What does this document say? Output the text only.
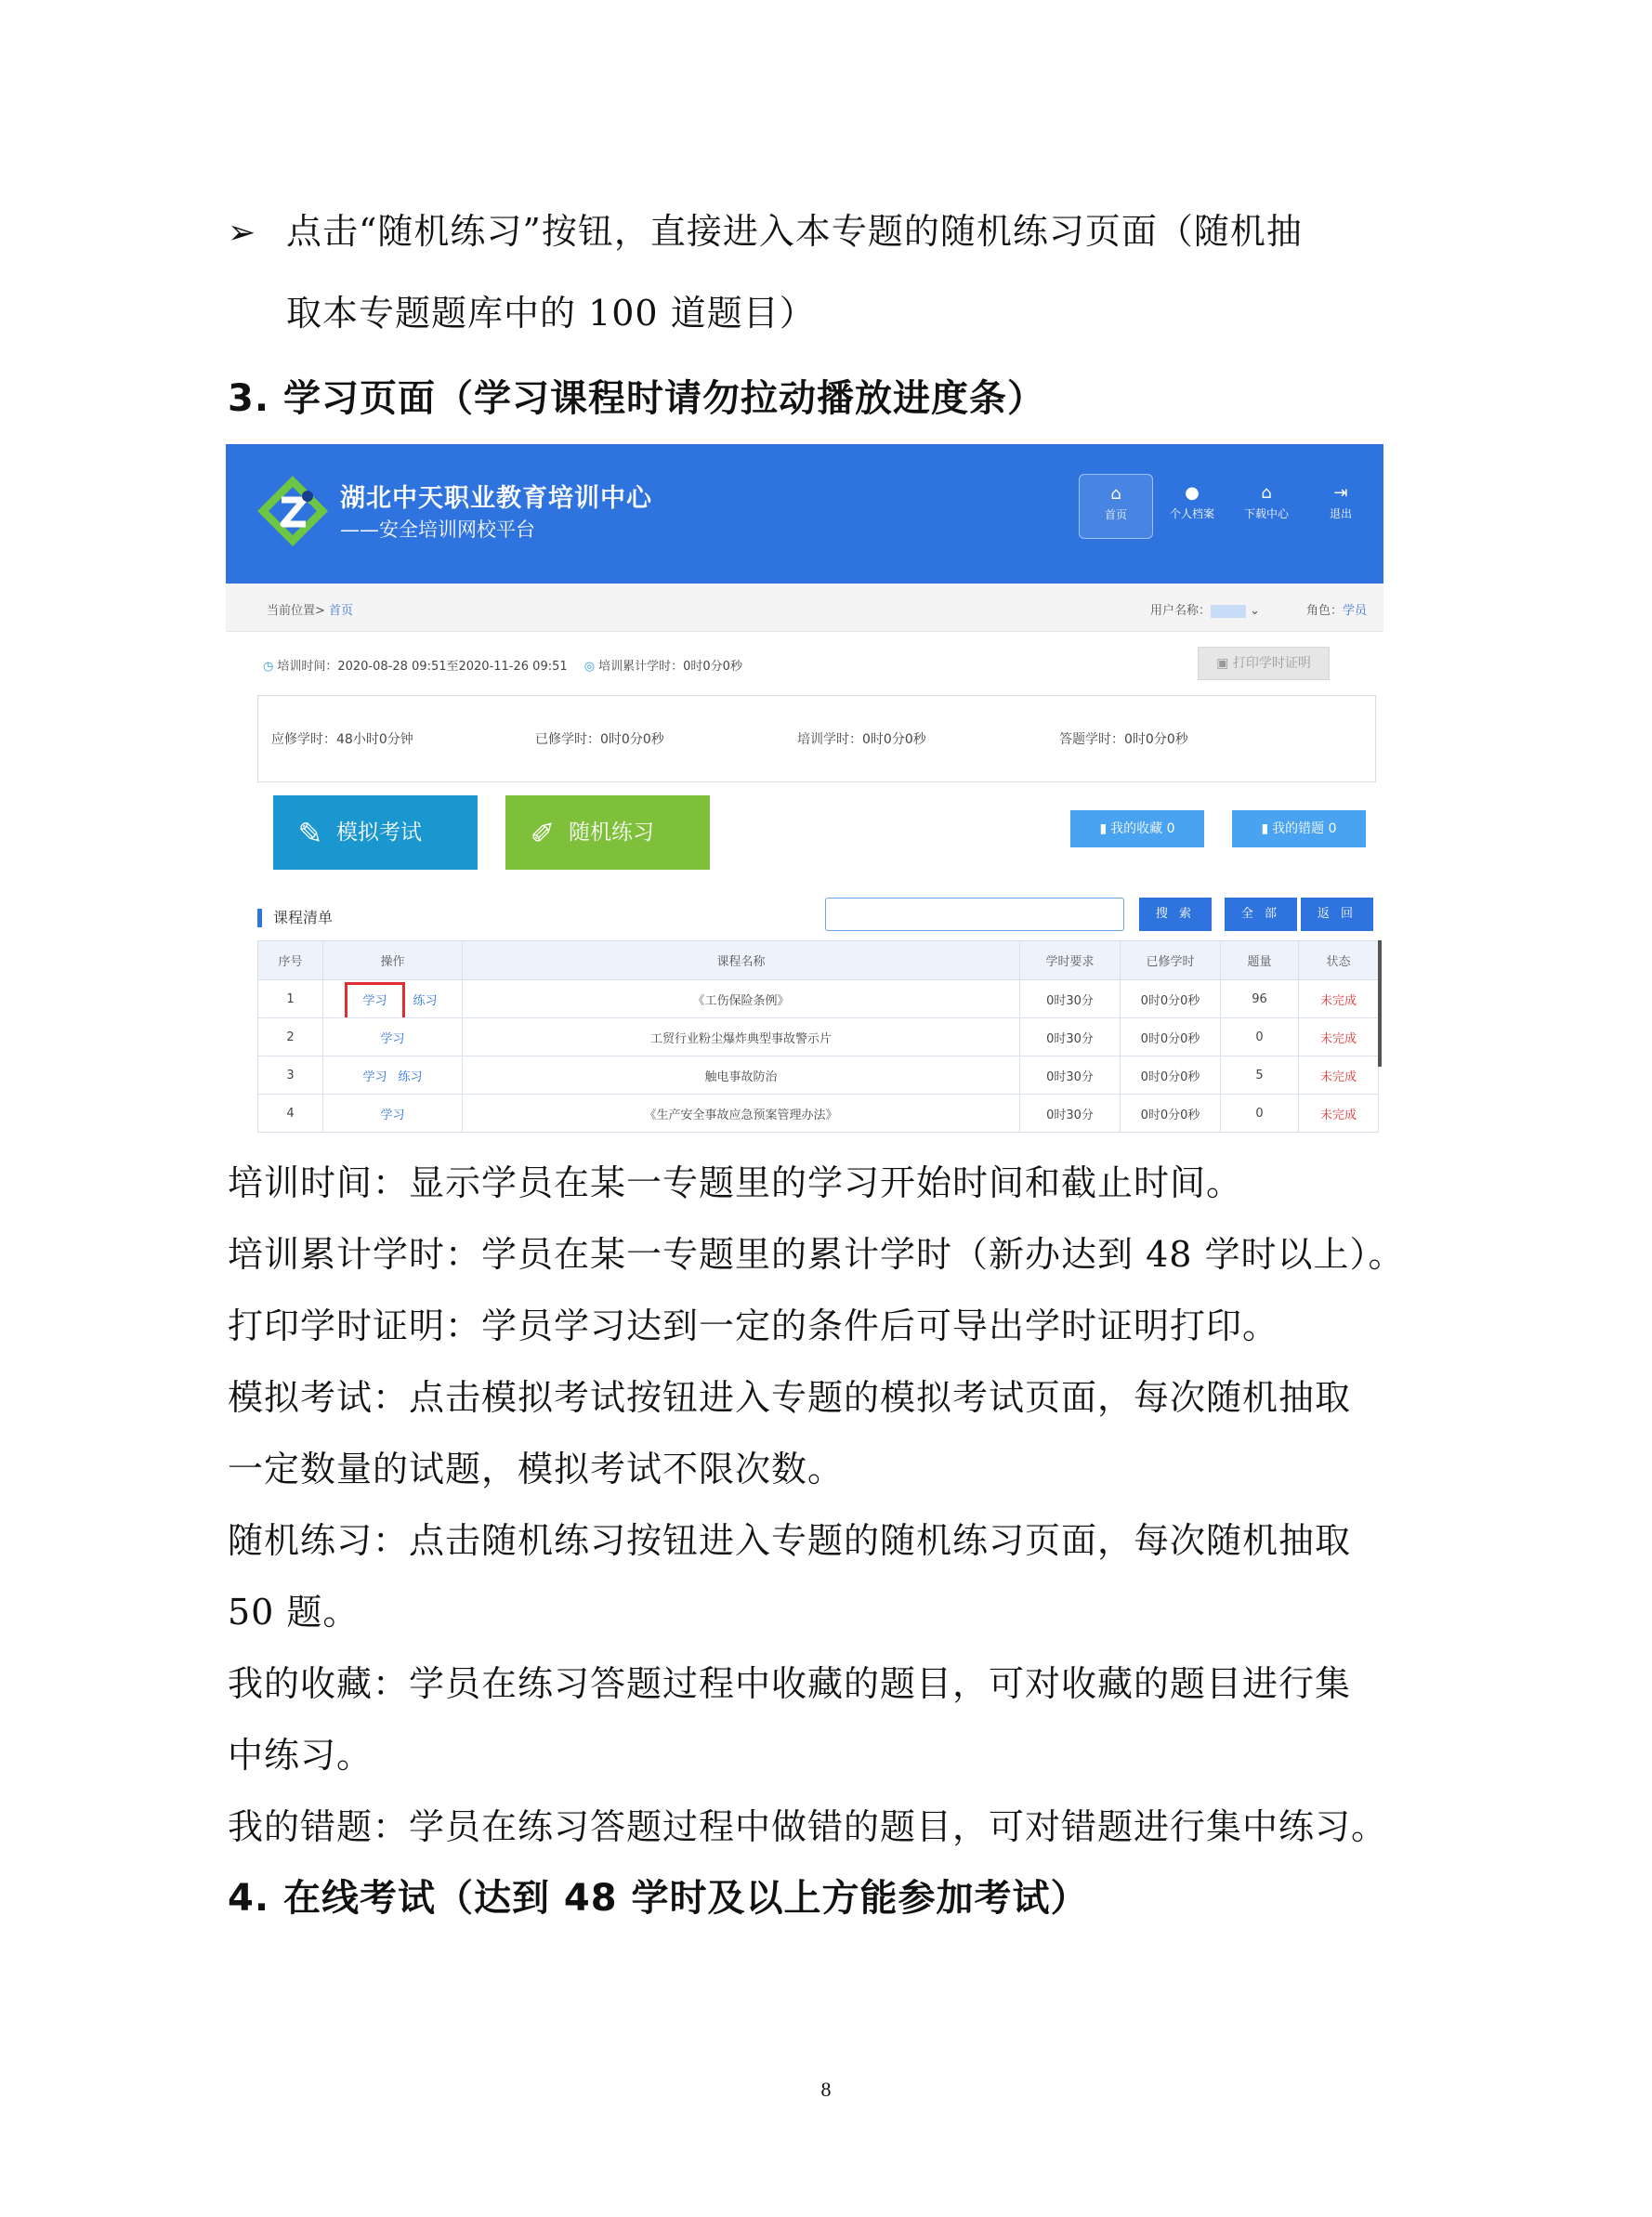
➢ 点击“随机练习”按钮，直接进入本专题的随机练习页面（随机抽
取本专题题库中的 100 道题目）
3. 学习页面（学习课程时请勿拉动播放进度条）
湖北中天职业教育培训中心
——安全培训网校平台
⌂
首页
●
个人档案
⌂
下载中心
⇥
退出
当前位置> 首页	用户名称：	⌄	角色：学员
◷ 培训时间：2020-08-28 09:51至2020-11-26 09:51 ◎ 培训累计学时：0时0分0秒	▣ 打印学时证明
应修学时：48小时0分钟	已修学时：0时0分0秒	培训学时：0时0分0秒	答题学时：0时0分0秒
✎ 模拟考试	✐ 随机练习	▮ 我的收藏 0	▮ 我的错题 0
课程清单	搜 索	全 部	返 回
序号	操作	课程名称	学时要求	已修学时	题量	状态
1	学习 练习	《工伤保险条例》	0时30分	0时0分0秒	96	未完成
2	学习	工贸行业粉尘爆炸典型事故警示片	0时30分	0时0分0秒	0	未完成
3	学习 练习	触电事故防治	0时30分	0时0分0秒	5	未完成
4	学习	《生产安全事故应急预案管理办法》	0时30分	0时0分0秒	0	未完成
培训时间：显示学员在某一专题里的学习开始时间和截止时间。
培训累计学时：学员在某一专题里的累计学时（新办达到 48 学时以上）。
打印学时证明：学员学习达到一定的条件后可导出学时证明打印。
模拟考试：点击模拟考试按钮进入专题的模拟考试页面，每次随机抽取
一定数量的试题，模拟考试不限次数。
随机练习：点击随机练习按钮进入专题的随机练习页面，每次随机抽取
50 题。
我的收藏：学员在练习答题过程中收藏的题目，可对收藏的题目进行集
中练习。
我的错题：学员在练习答题过程中做错的题目，可对错题进行集中练习。
4. 在线考试（达到 48 学时及以上方能参加考试）
8
